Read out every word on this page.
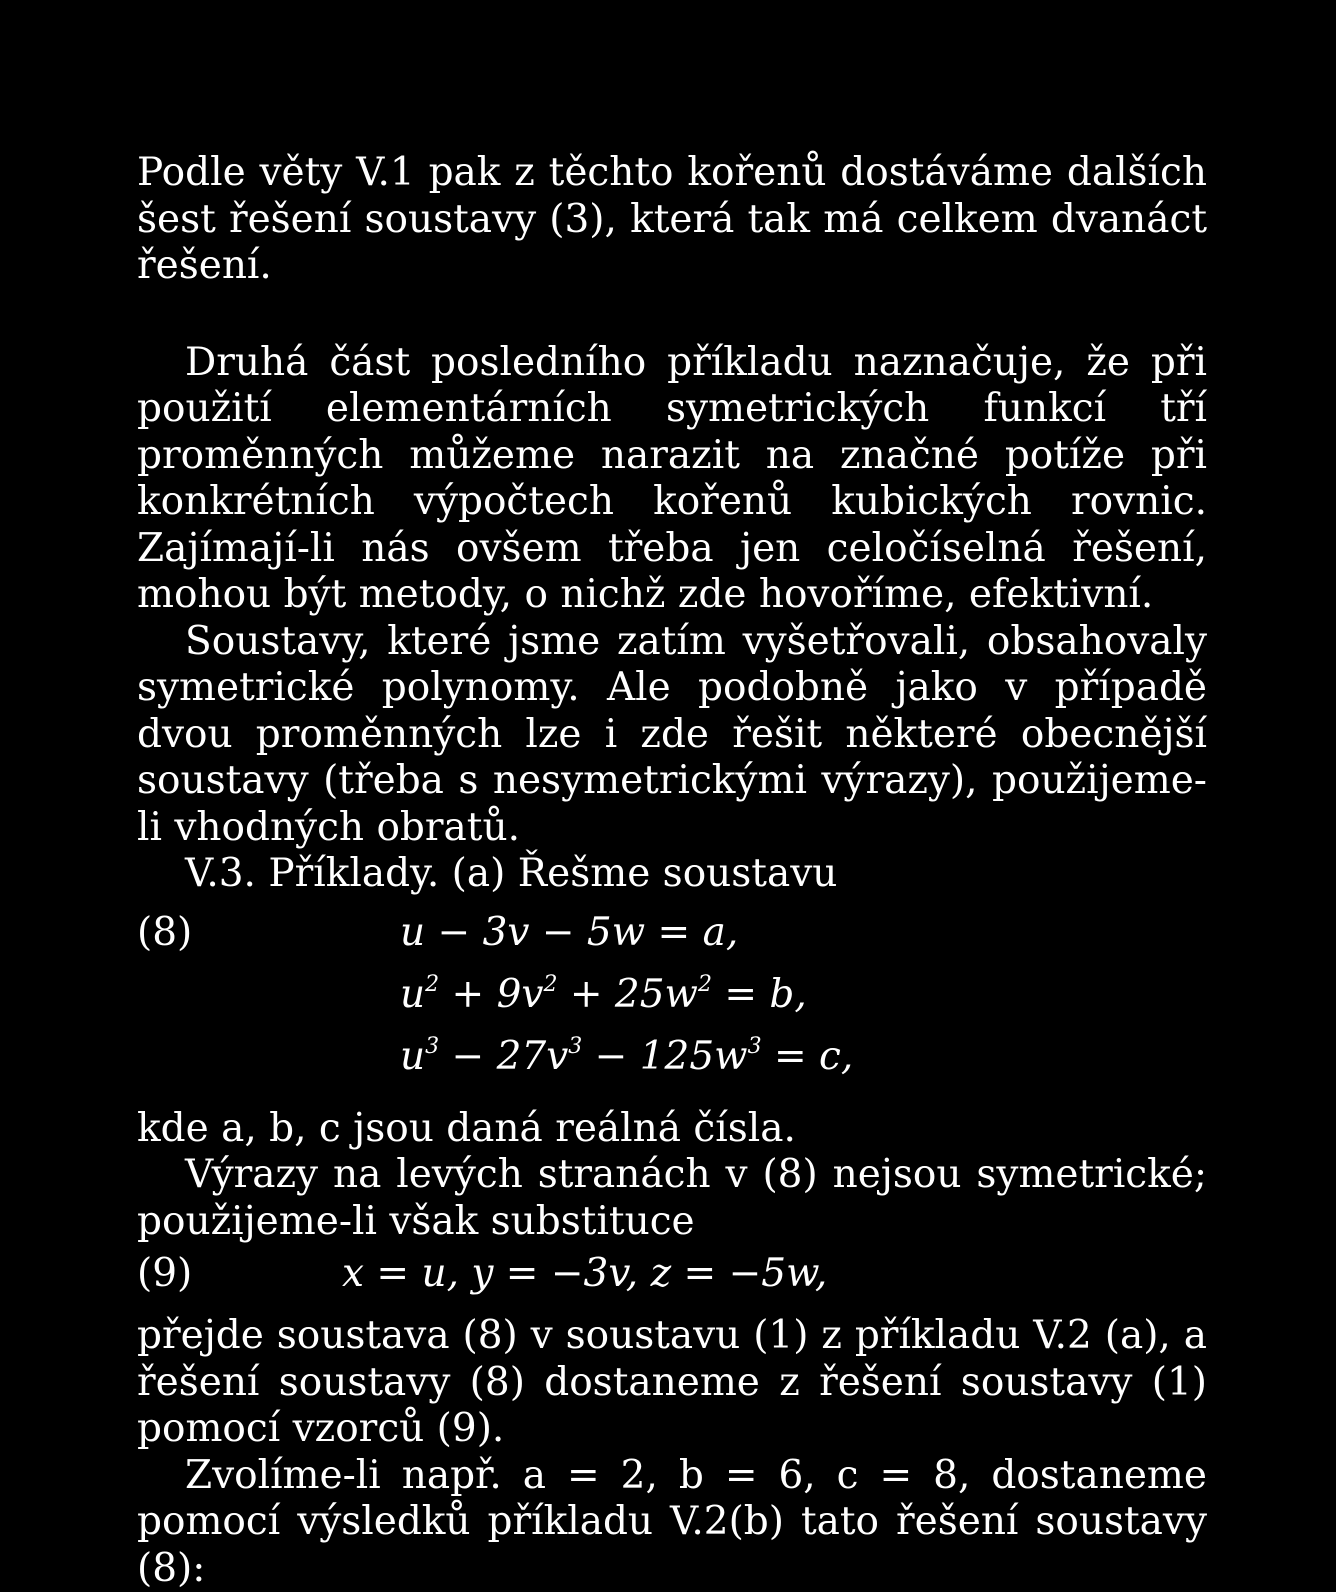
Podle věty V.1 pak z těchto kořenů dostáváme dalších šest řešení soustavy (3), která tak má celkem dvanáct řešení.

Druhá část posledního příkladu naznačuje, že při použití elementárních symetrických funkcí tří proměnných můžeme narazit na značné potíže při konkrétních výpočtech kořenů kubických rovnic. Zajímají-li nás ovšem třeba jen celočíselná řešení, mohou být metody, o nichž zde hovoříme, efektivní.

Soustavy, které jsme zatím vyšetřovali, obsahovaly symetrické polynomy. Ale podobně jako v případě dvou proměnných lze i zde řešit některé obecnější soustavy (třeba s nesymetrickými výrazy), použijeme-li vhodných obratů.

V.3. Příklady. (a) Řešme soustavu

(8)	u − 3v − 5w = a,
$u^2 + 9v^2 + 25w^2 = b$,
$u^3 - 27v^3 - 125w^3 = c$,

kde a, b, c jsou daná reálná čísla.

Výrazy na levých stranách v (8) nejsou symetrické; použijeme-li však substituce

(9)	x = u, y = −3v, z = −5w,

přejde soustava (8) v soustavu (1) z příkladu V.2 (a), a řešení soustavy (8) dostaneme z řešení soustavy (1) pomocí vzorců (9).

Zvolíme-li např. a = 2, b = 6, c = 8, dostaneme pomocí výsledků příkladu V.2(b) tato řešení soustavy (8):
